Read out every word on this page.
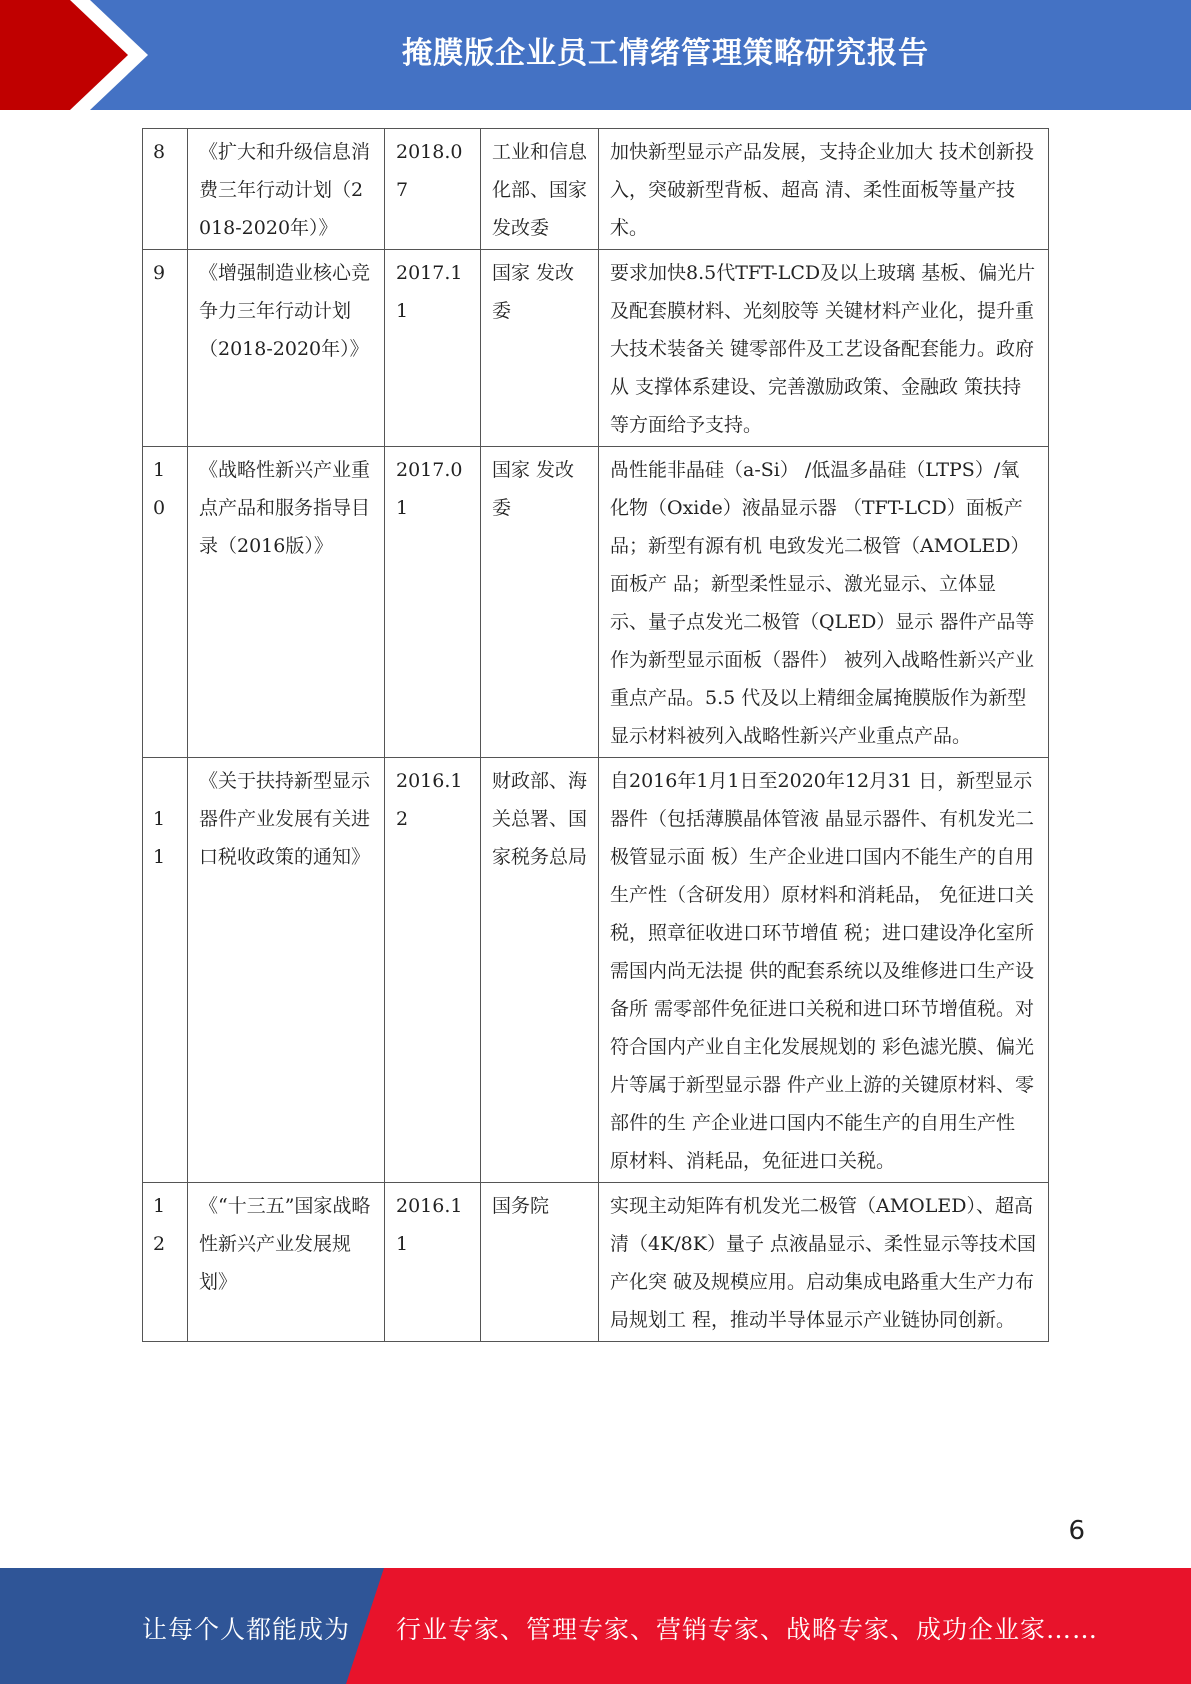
掩膜版企业员工情绪管理策略研究报告
8	《扩大和升级信息消费三年行动计划（2018-2020年）》	2018.07	工业和信息化部、国家发改委	加快新型显示产品发展，支持企业加大 技术创新投入，突破新型背板、超高 清、柔性面板等量产技术。
9	《增强制造业核心竞争力三年行动计划（2018-2020年）》	2017.11	国家 发改委	要求加快8.5代TFT-LCD及以上玻璃 基板、偏光片及配套膜材料、光刻胶等 关键材料产业化，提升重大技术装备关 键零部件及工艺设备配套能力。政府从 支撑体系建设、完善激励政策、金融政 策扶持等方面给予支持。
10	《战略性新兴产业重点产品和服务指导目录（2016版）》	2017.01	国家 发改委	咼性能非晶硅（a-Si） /低温多晶硅（LTPS）/氧化物（Oxide）液晶显示器 （TFT-LCD）面板产品；新型有源有机 电致发光二极管（AMOLED）面板产 品；新型柔性显示、激光显示、立体显 示、量子点发光二极管（QLED）显示 器件产品等作为新型显示面板（器件） 被列入战略性新兴产业重点产品。5.5 代及以上精细金属掩膜版作为新型显示材料被列入战略性新兴产业重点产品。

11	《关于扶持新型显示器件产业发展有关进口税收政策的通知》	2016.12	财政部、海关总署、国家税务总局	自2016年1月1日至2020年12月31 日，新型显示器件（包括薄膜晶体管液 晶显示器件、有机发光二极管显示面 板）生产企业进口国内不能生产的自用 生产性（含研发用）原材料和消耗品， 免征进口关税，照章征收进口环节增值 税；进口建设净化室所需国内尚无法提 供的配套系统以及维修进口生产设备所 需零部件免征进口关税和进口环节增值税。对符合国内产业自主化发展规划的 彩色滤光膜、偏光片等属于新型显示器 件产业上游的关键原材料、零部件的生 产企业进口国内不能生产的自用生产性 原材料、消耗品，免征进口关税。
12	《“十三五”国家战略性新兴产业发展规划》	2016.11	国务院	实现主动矩阵有机发光二极管（AMOLED）、超高清（4K/8K）量子 点液晶显示、柔性显示等技术国产化突 破及规模应用。启动集成电路重大生产力布局规划工 程，推动半导体显示产业链协同创新。
6
让每个人都能成为 行业专家、管理专家、营销专家、战略专家、成功企业家……
